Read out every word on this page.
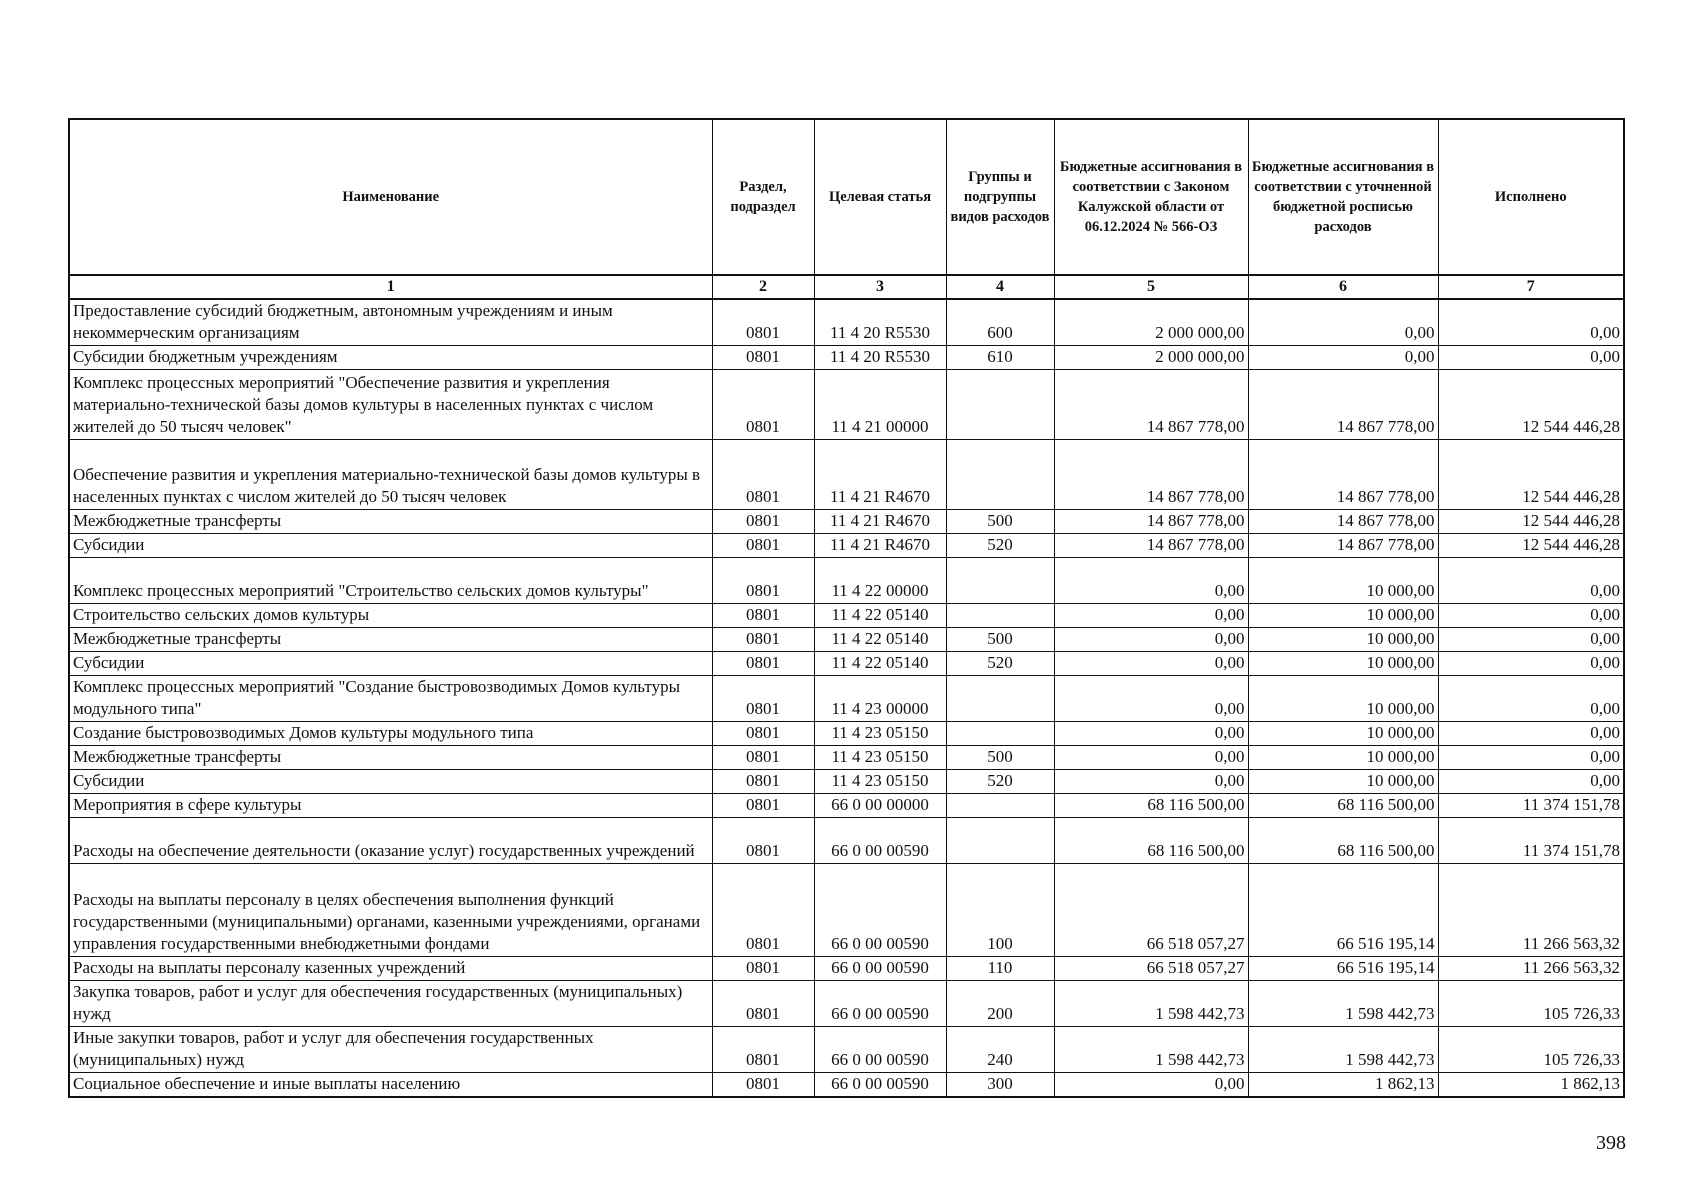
Наименование	Раздел, подраздел	Целевая статья	Группы и подгруппы видов расходов	Бюджетные ассигнования в соответствии с Законом Калужской области от 06.12.2024 № 566-ОЗ	Бюджетные ассигнования в соответствии с уточненной бюджетной росписью расходов	Исполнено
1	2	3	4	5	6	7
Предоставление субсидий бюджетным, автономным учреждениям и иным некоммерческим организациям	0801	11 4 20 R5530	600	2 000 000,00	0,00	0,00
Субсидии бюджетным учреждениям	0801	11 4 20 R5530	610	2 000 000,00	0,00	0,00
Комплекс процессных мероприятий "Обеспечение развития и укрепления материально-технической базы домов культуры в населенных пунктах с числом жителей до 50 тысяч человек"	0801	11 4 21 00000		14 867 778,00	14 867 778,00	12 544 446,28
Обеспечение развития и укрепления материально-технической базы домов культуры в населенных пунктах с числом жителей до 50 тысяч человек	0801	11 4 21 R4670		14 867 778,00	14 867 778,00	12 544 446,28
Межбюджетные трансферты	0801	11 4 21 R4670	500	14 867 778,00	14 867 778,00	12 544 446,28
Субсидии	0801	11 4 21 R4670	520	14 867 778,00	14 867 778,00	12 544 446,28
Комплекс процессных мероприятий "Строительство сельских домов культуры"	0801	11 4 22 00000		0,00	10 000,00	0,00
Строительство сельских домов культуры	0801	11 4 22 05140		0,00	10 000,00	0,00
Межбюджетные трансферты	0801	11 4 22 05140	500	0,00	10 000,00	0,00
Субсидии	0801	11 4 22 05140	520	0,00	10 000,00	0,00
Комплекс процессных мероприятий "Создание быстровозводимых Домов культуры модульного типа"	0801	11 4 23 00000		0,00	10 000,00	0,00
Создание быстровозводимых Домов культуры модульного типа	0801	11 4 23 05150		0,00	10 000,00	0,00
Межбюджетные трансферты	0801	11 4 23 05150	500	0,00	10 000,00	0,00
Субсидии	0801	11 4 23 05150	520	0,00	10 000,00	0,00
Мероприятия в сфере культуры	0801	66 0 00 00000		68 116 500,00	68 116 500,00	11 374 151,78
Расходы на обеспечение деятельности (оказание услуг) государственных учреждений	0801	66 0 00 00590		68 116 500,00	68 116 500,00	11 374 151,78
Расходы на выплаты персоналу в целях обеспечения выполнения функций государственными (муниципальными) органами, казенными учреждениями, органами управления государственными внебюджетными фондами	0801	66 0 00 00590	100	66 518 057,27	66 516 195,14	11 266 563,32
Расходы на выплаты персоналу казенных учреждений	0801	66 0 00 00590	110	66 518 057,27	66 516 195,14	11 266 563,32
Закупка товаров, работ и услуг для обеспечения государственных (муниципальных) нужд	0801	66 0 00 00590	200	1 598 442,73	1 598 442,73	105 726,33
Иные закупки товаров, работ и услуг для обеспечения государственных (муниципальных) нужд	0801	66 0 00 00590	240	1 598 442,73	1 598 442,73	105 726,33
Социальное обеспечение и иные выплаты населению	0801	66 0 00 00590	300	0,00	1 862,13	1 862,13
398
